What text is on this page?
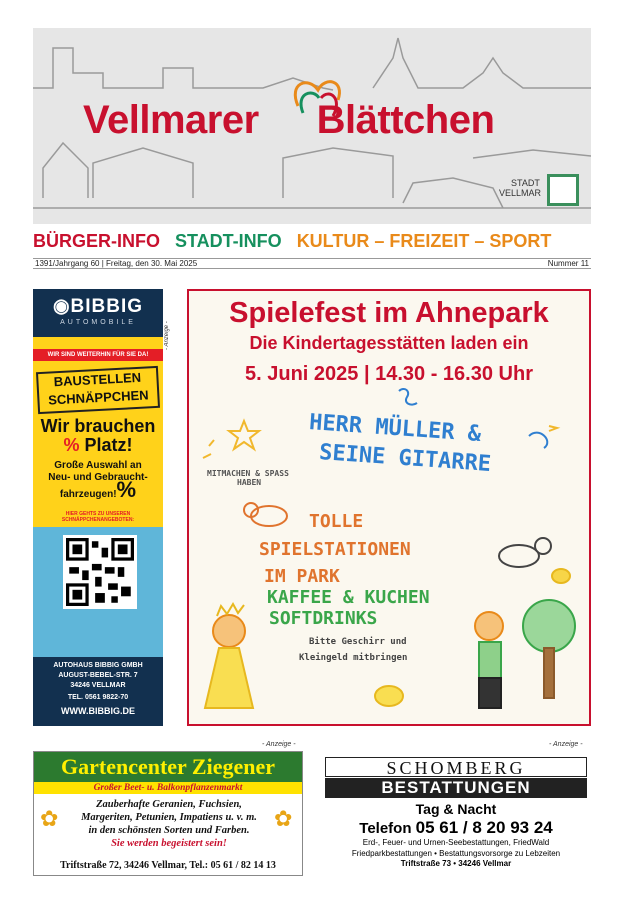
Vellmarer Blättchen
STADT
VELLMAR
BÜRGER-INFO STADT-INFO KULTUR – FREIZEIT – SPORT
1391/Jahrgang 60 | Freitag, den 30. Mai 2025	Nummer 11
◉BIBBIG
AUTOMOBILE
WIR SIND WEITERHIN FÜR SIE DA!
BAUSTELLEN
SCHNÄPPCHEN
Wir brauchen
% Platz!
Große Auswahl an
Neu- und Gebraucht-
fahrzeugen!%
HIER GEHTS ZU UNSEREN
SCHNÄPPCHENANGEBOTEN:
AUTOHAUS BIBBIG GMBH
AUGUST-BEBEL-STR. 7
34246 VELLMAR
TEL. 0561 9822-70
WWW.BIBBIG.DE
- Anzeige -
Spielefest im Ahnepark
Die Kindertagesstätten laden ein
5. Juni 2025 | 14.30 - 16.30 Uhr
HERR MÜLLER &
SEINE GITARRE
MITMACHEN & SPASS
HABEN
TOLLE
SPIELSTATIONEN
IM PARK
KAFFEE & KUCHEN
SOFTDRINKS
Bitte Geschirr und
Kleingeld mitbringen
- Anzeige -	- Anzeige -
Gartencenter Ziegener
Großer Beet- u. Balkonpflanzenmarkt
✿	✿
Zauberhafte Geranien, Fuchsien,
Margeriten, Petunien, Impatiens u. v. m.
in den schönsten Sorten und Farben.
Sie werden begeistert sein!
Triftstraße 72, 34246 Vellmar, Tel.: 05 61 / 82 14 13
SCHOMBERG
BESTATTUNGEN
Tag & Nacht
Telefon 05 61 / 8 20 93 24
Erd-, Feuer- und Urnen-Seebestattungen, FriedWald
Friedparkbestattungen • Bestattungsvorsorge zu Lebzeiten
Triftstraße 73 • 34246 Vellmar
